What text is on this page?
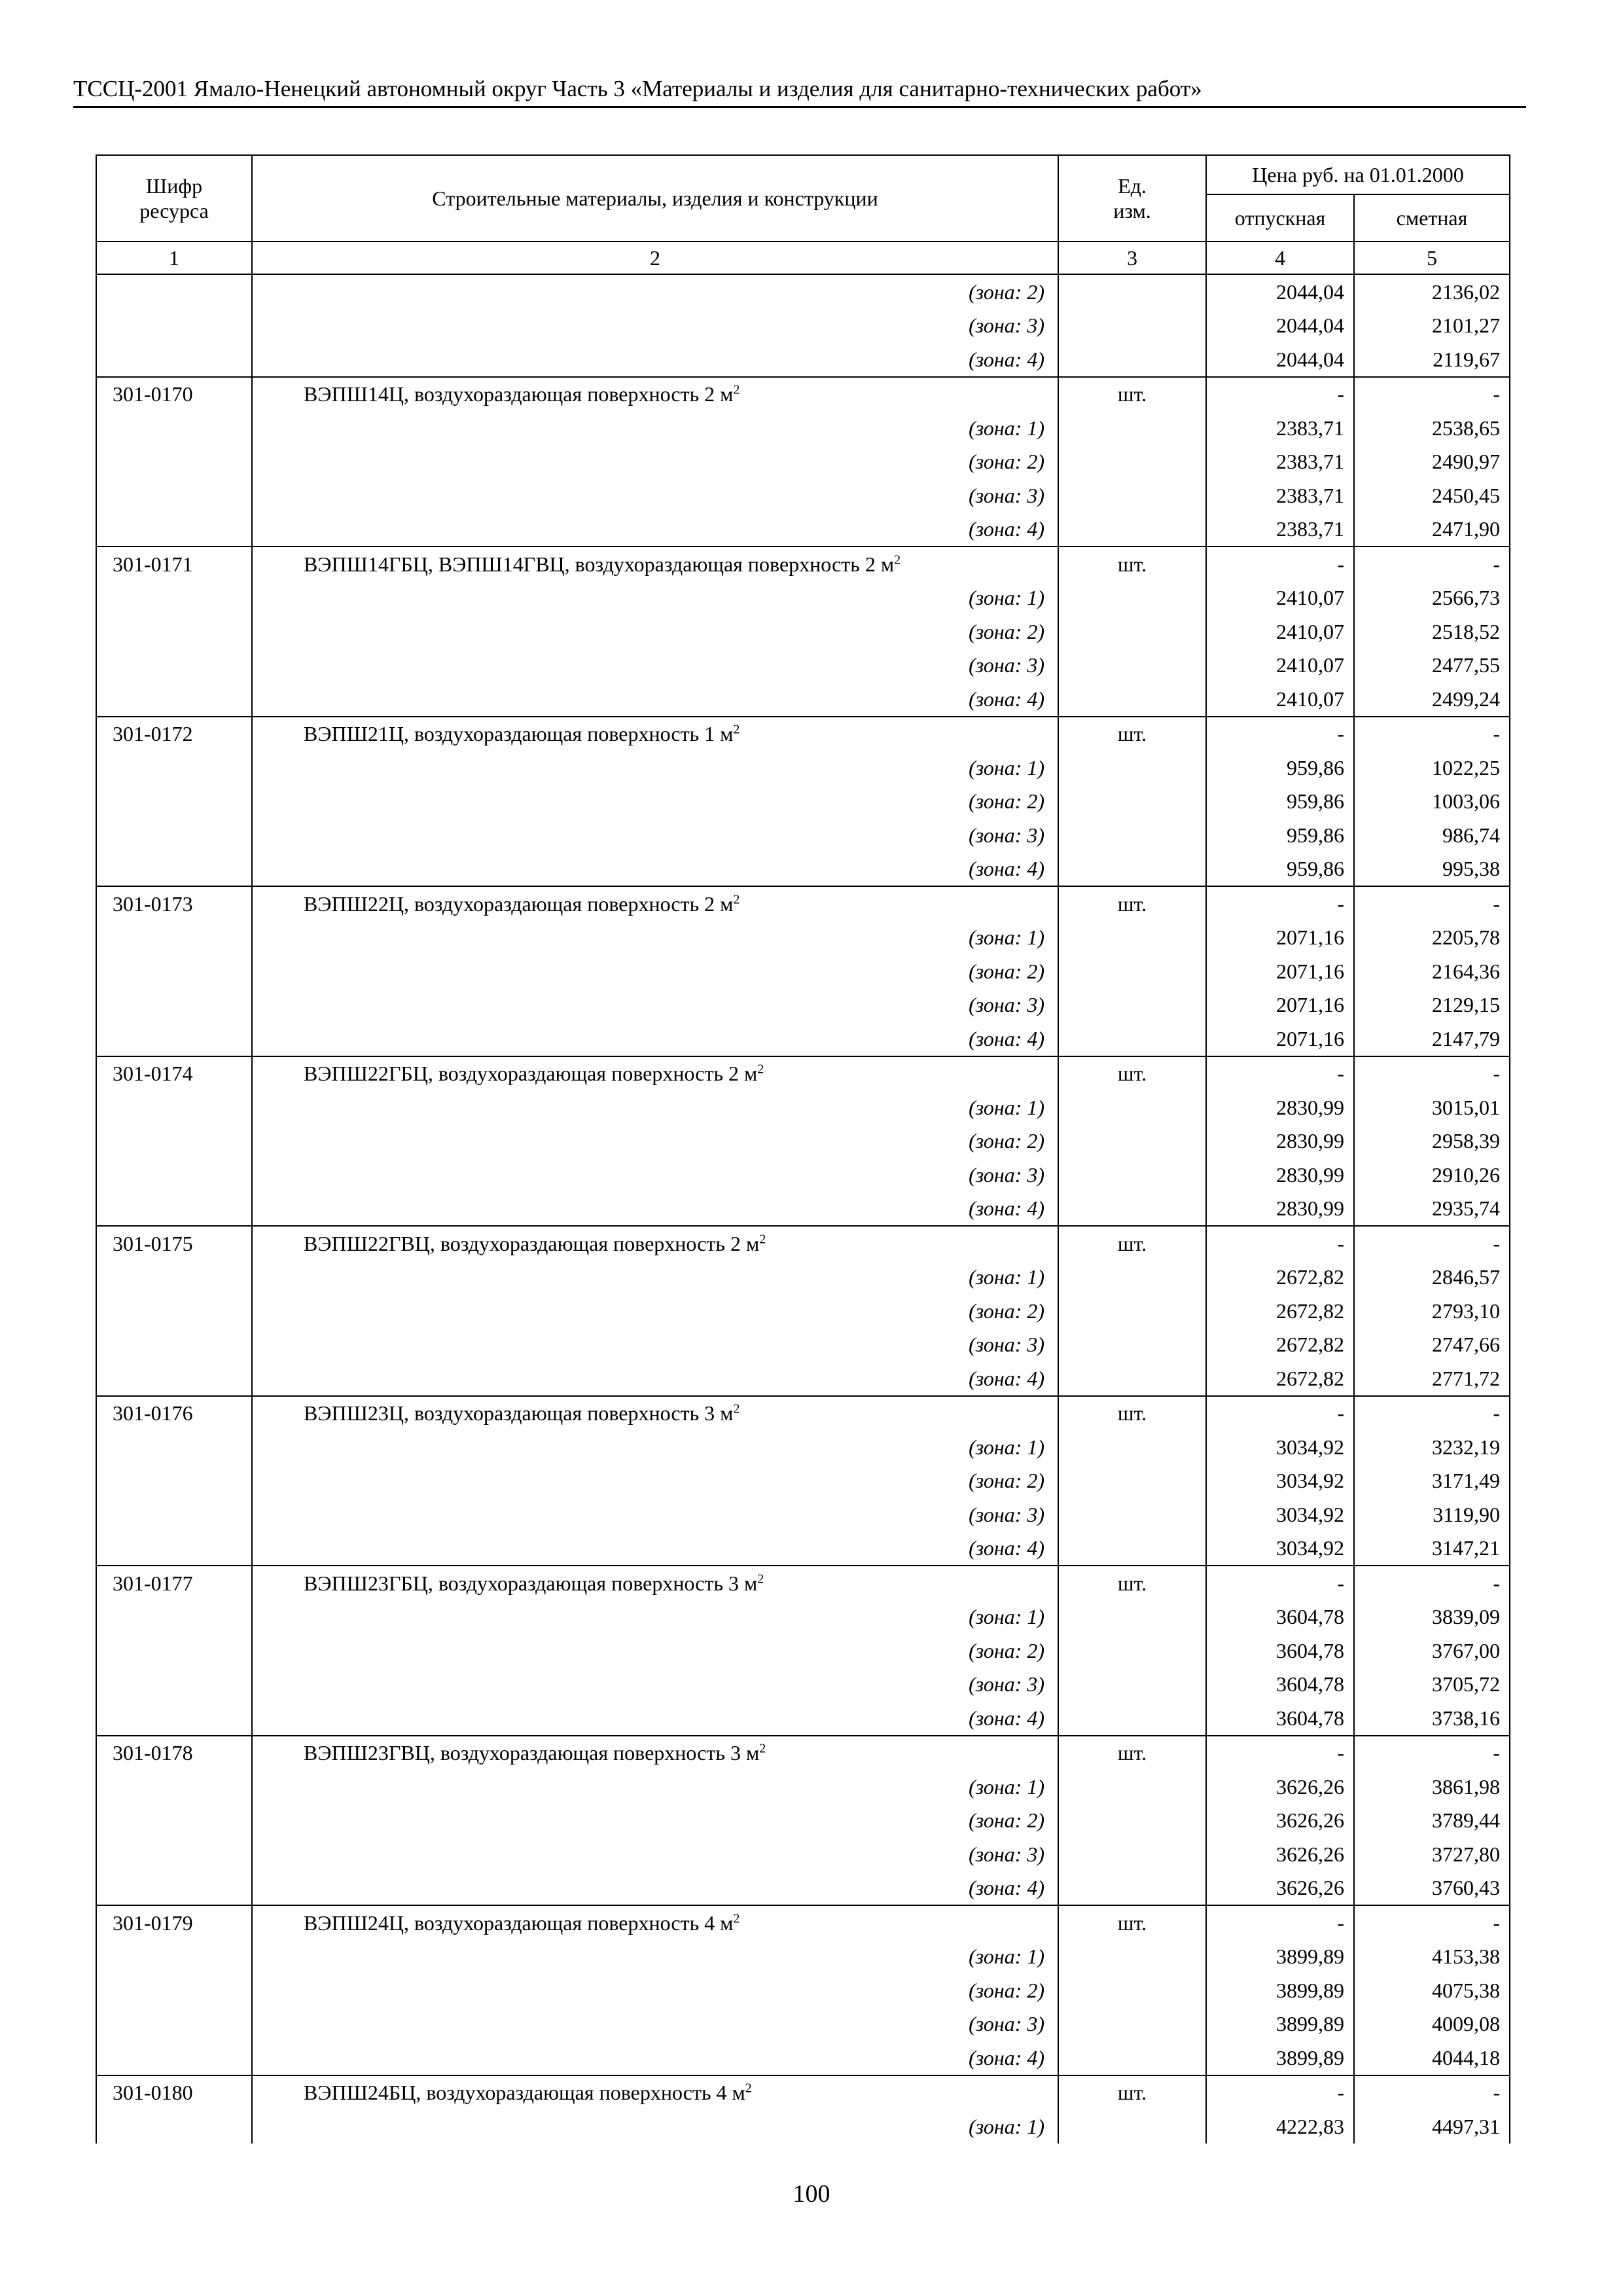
ТССЦ-2001 Ямало-Ненецкий автономный округ Часть 3 «Материалы и изделия для санитарно-технических работ»
Шифр ресурса	Строительные материалы, изделия и конструкции	Ед. изм.	Цена руб. на 01.01.2000	
			отпускная	сметная
1	2	3	4	5
	(зона: 2)		2044,04	2136,02
	(зона: 3)		2044,04	2101,27
	(зона: 4)		2044,04	2119,67
301-0170	ВЭПШ14Ц, воздухораздающая поверхность 2 $м^2$	шт.	-	-
	(зона: 1)		2383,71	2538,65
	(зона: 2)		2383,71	2490,97
	(зона: 3)		2383,71	2450,45
	(зона: 4)		2383,71	2471,90
301-0171	ВЭПШ14ГБЦ, ВЭПШ14ГВЦ, воздухораздающая поверхность 2 $м^2$	шт.	-	-
	(зона: 1)		2410,07	2566,73
	(зона: 2)		2410,07	2518,52
	(зона: 3)		2410,07	2477,55
	(зона: 4)		2410,07	2499,24
301-0172	ВЭПШ21Ц, воздухораздающая поверхность 1 $м^2$	шт.	-	-
	(зона: 1)		959,86	1022,25
	(зона: 2)		959,86	1003,06
	(зона: 3)		959,86	986,74
	(зона: 4)		959,86	995,38
301-0173	ВЭПШ22Ц, воздухораздающая поверхность 2 $м^2$	шт.	-	-
	(зона: 1)		2071,16	2205,78
	(зона: 2)		2071,16	2164,36
	(зона: 3)		2071,16	2129,15
	(зона: 4)		2071,16	2147,79
301-0174	ВЭПШ22ГБЦ, воздухораздающая поверхность 2 $м^2$	шт.	-	-
	(зона: 1)		2830,99	3015,01
	(зона: 2)		2830,99	2958,39
	(зона: 3)		2830,99	2910,26
	(зона: 4)		2830,99	2935,74
301-0175	ВЭПШ22ГВЦ, воздухораздающая поверхность 2 $м^2$	шт.	-	-
	(зона: 1)		2672,82	2846,57
	(зона: 2)		2672,82	2793,10
	(зона: 3)		2672,82	2747,66
	(зона: 4)		2672,82	2771,72
301-0176	ВЭПШ23Ц, воздухораздающая поверхность 3 $м^2$	шт.	-	-
	(зона: 1)		3034,92	3232,19
	(зона: 2)		3034,92	3171,49
	(зона: 3)		3034,92	3119,90
	(зона: 4)		3034,92	3147,21
301-0177	ВЭПШ23ГБЦ, воздухораздающая поверхность 3 $м^2$	шт.	-	-
	(зона: 1)		3604,78	3839,09
	(зона: 2)		3604,78	3767,00
	(зона: 3)		3604,78	3705,72
	(зона: 4)		3604,78	3738,16
301-0178	ВЭПШ23ГВЦ, воздухораздающая поверхность 3 $м^2$	шт.	-	-
	(зона: 1)		3626,26	3861,98
	(зона: 2)		3626,26	3789,44
	(зона: 3)		3626,26	3727,80
	(зона: 4)		3626,26	3760,43
301-0179	ВЭПШ24Ц, воздухораздающая поверхность 4 $м^2$	шт.	-	-
	(зона: 1)		3899,89	4153,38
	(зона: 2)		3899,89	4075,38
	(зона: 3)		3899,89	4009,08
	(зона: 4)		3899,89	4044,18
301-0180	ВЭПШ24БЦ, воздухораздающая поверхность 4 $м^2$	шт.	-	-
	(зона: 1)		4222,83	4497,31
100
